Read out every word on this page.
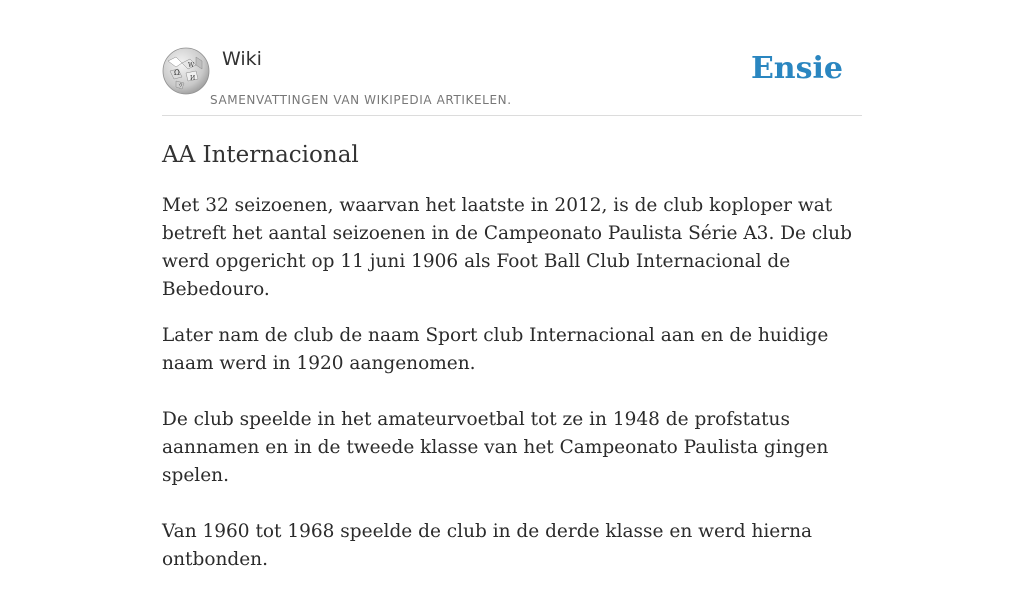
Ω
W
И
ウ
Wiki
SAMENVATTINGEN VAN WIKIPEDIA ARTIKELEN.
Ensie
AA Internacional

Met 32 seizoenen, waarvan het laatste in 2012, is de club koploper wat betreft het aantal seizoenen in de Campeonato Paulista Série A3. De club werd opgericht op 11 juni 1906 als Foot Ball Club Internacional de Bebedouro.

Later nam de club de naam Sport club Internacional aan en de huidige naam werd in 1920 aangenomen.

De club speelde in het amateurvoetbal tot ze in 1948 de profstatus aannamen en in de tweede klasse van het Campeonato Paulista gingen spelen.

Van 1960 tot 1968 speelde de club in de derde klasse en werd hierna ontbonden.
